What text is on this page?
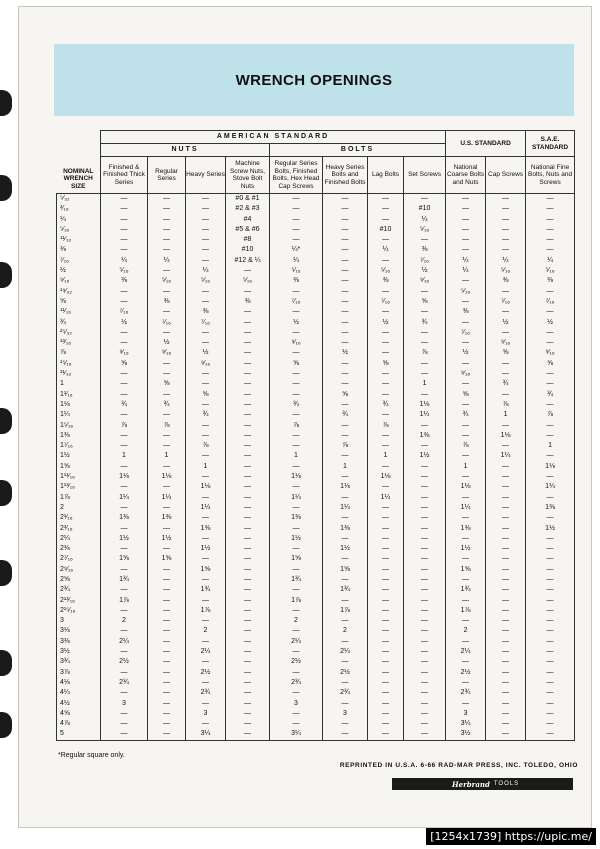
WRENCH OPENINGS
NOMINAL WRENCH SIZE	AMERICAN STANDARD								U.S. STANDARD		S.A.E. STANDARD
	NUTS				BOLTS						
	Finished & Finished Thick Series	Regular Series	Heavy Series	Machine Screw Nuts, Stove Bolt Nuts	Regular Series Bolts, Finished Bolts, Hex Head Cap Screws	Heavy Series Bolts and Finished Bolts	Lag Bolts	Set Screws	National Coarse Bolts and Nuts	Cap Screws	National Fine Bolts, Nuts and Screws
⁵⁄₃₂	—	—	—	#0 & #1	—	—	—	—	—	—	—
³⁄₁₆	—	—	—	#2 & #3	—	—	—	#10	—	—	—
¼	—	—	—	#4	—	—	—	¼	—	—	—
⁵⁄₁₆	—	—	—	#5 & #6	—	—	#10	⁵⁄₁₆	—	—	—
¹¹⁄₃₂	—	—	—	#8	—	—	—	—	—	—	—
⅜	—	—	—	#10	¼*	—	¼	⅜	—	—	—
⁷⁄₁₆	¼	¼	—	#12 & ¼	¼	—	—	⁷⁄₁₆	¼	¼	¼
½	⁵⁄₁₆	—	¼	—	⁵⁄₁₆	—	⁵⁄₁₆	½	¼	⁵⁄₁₆	⁵⁄₁₆
⁹⁄₁₆	⅜	⁵⁄₁₆	⁵⁄₁₆	⁵⁄₁₆	⅜	—	⅜	⁹⁄₁₆	—	⅜	⅜
¹⁹⁄₃₂	—	—	—	—	—	—	—	—	⁵⁄₁₆	—	—
⅝	—	⅜	—	⅜	⁷⁄₁₆	—	⁷⁄₁₆	⅝	—	⁷⁄₁₆	⁷⁄₁₆
¹¹⁄₁₆	⁷⁄₁₆	—	⅜	—	—	—	—	—	⅜	—	—
¾	½	⁷⁄₁₆	⁷⁄₁₆	—	½	—	½	¾	—	½	½
²⁵⁄₃₂	—	—	—	—	—	—	—	—	⁷⁄₁₆	—	—
¹³⁄₁₆	—	½	—	—	⁹⁄₁₆	—	—	—	—	⁹⁄₁₆	—
⅞	⁹⁄₁₆	⁹⁄₁₆	½	—	—	½	—	⅞	½	⅝	⁹⁄₁₆
¹⁵⁄₁₆	⅝	—	⁹⁄₁₆	—	⅝	—	⅝	—	—	—	⅝
³¹⁄₃₂	—	—	—	—	—	—	—	—	⁹⁄₁₆	—	—
1	—	⅝	—	—	—	—	—	1	—	¾	—
1¹⁄₁₆	—	—	⅝	—	—	⅝	—	—	⅝	—	¾
1⅛	¾	¾	—	—	¾	—	¾	1⅛	—	⅞	—
1¼	—	—	¾	—	—	¾	—	1¼	¾	1	⅞
1⁵⁄₁₆	⅞	⅞	—	—	⅞	—	⅞	—	—	—	—
1⅜	—	—	—	—	—	—	—	1⅜	—	1⅛	—
1⁷⁄₁₆	—	—	⅞	—	—	⅞	—	—	⅞	—	1
1½	1	1	—	—	1	—	1	1½	—	1¼	—
1⅝	—	—	1	—	—	1	—	—	1	—	1⅛
1¹¹⁄₁₆	1⅛	1⅛	—	—	1⅛	—	1⅛	—	—	—	—
1¹³⁄₁₆	—	—	1⅛	—	—	1⅛	—	—	1⅛	—	1¼
1⅞	1¼	1¼	—	—	1¼	—	1¼	—	—	—	—
2	—	—	1¼	—	—	1¼	—	—	1¼	—	1⅜
2¹⁄₁₆	1⅜	1⅜	—	—	1⅜	—	—	—	—	—	—
2³⁄₁₆	—	—	1⅜	—	—	1⅜	—	—	1⅜	—	1½
2¼	1½	1½	—	—	1½	—	—	—	—	—	—
2⅜	—	—	1½	—	—	1½	—	—	1½	—	—
2⁷⁄₁₆	1⅝	1⅝	—	—	1⅝	—	—	—	—	—	—
2⁹⁄₁₆	—	—	1⅝	—	—	1⅝	—	—	1⅝	—	—
2⅝	1¾	—	—	—	1¾	—	—	—	—	—	—
2¾	—	—	1¾	—	—	1¾	—	—	1¾	—	—
2¹³⁄₁₆	1⅞	—	—	—	1⅞	—	—	—	—	—	—
2¹⁵⁄₁₆	—	—	1⅞	—	—	1⅞	—	—	1⅞	—	—
3	2	—	—	—	2	—	—	—	—	—	—
3⅛	—	—	2	—	—	2	—	—	2	—	—
3⅜	2¼	—	—	—	2¼	—	—	—	—	—	—
3½	—	—	2¼	—	—	2¼	—	—	2¼	—	—
3¾	2½	—	—	—	2½	—	—	—	—	—	—
3⅞	—	—	2½	—	—	2½	—	—	2½	—	—
4⅛	2¾	—	—	—	2¾	—	—	—	—	—	—
4¼	—	—	2¾	—	—	2¾	—	—	2¾	—	—
4½	3	—	—	—	3	—	—	—	—	—	—
4⅝	—	—	3	—	—	3	—	—	3	—	—
4⅞	—	—	—	—	—	—	—	—	3¼	—	—
5	—	—	3¼	—	3¼	—	—	—	3½	—	—
*Regular square only.
REPRINTED IN U.S.A. 6-66 RAD-MAR PRESS, INC. TOLEDO, OHIO
Herbrand TOOLS
[1254x1739] https://upic.me/
